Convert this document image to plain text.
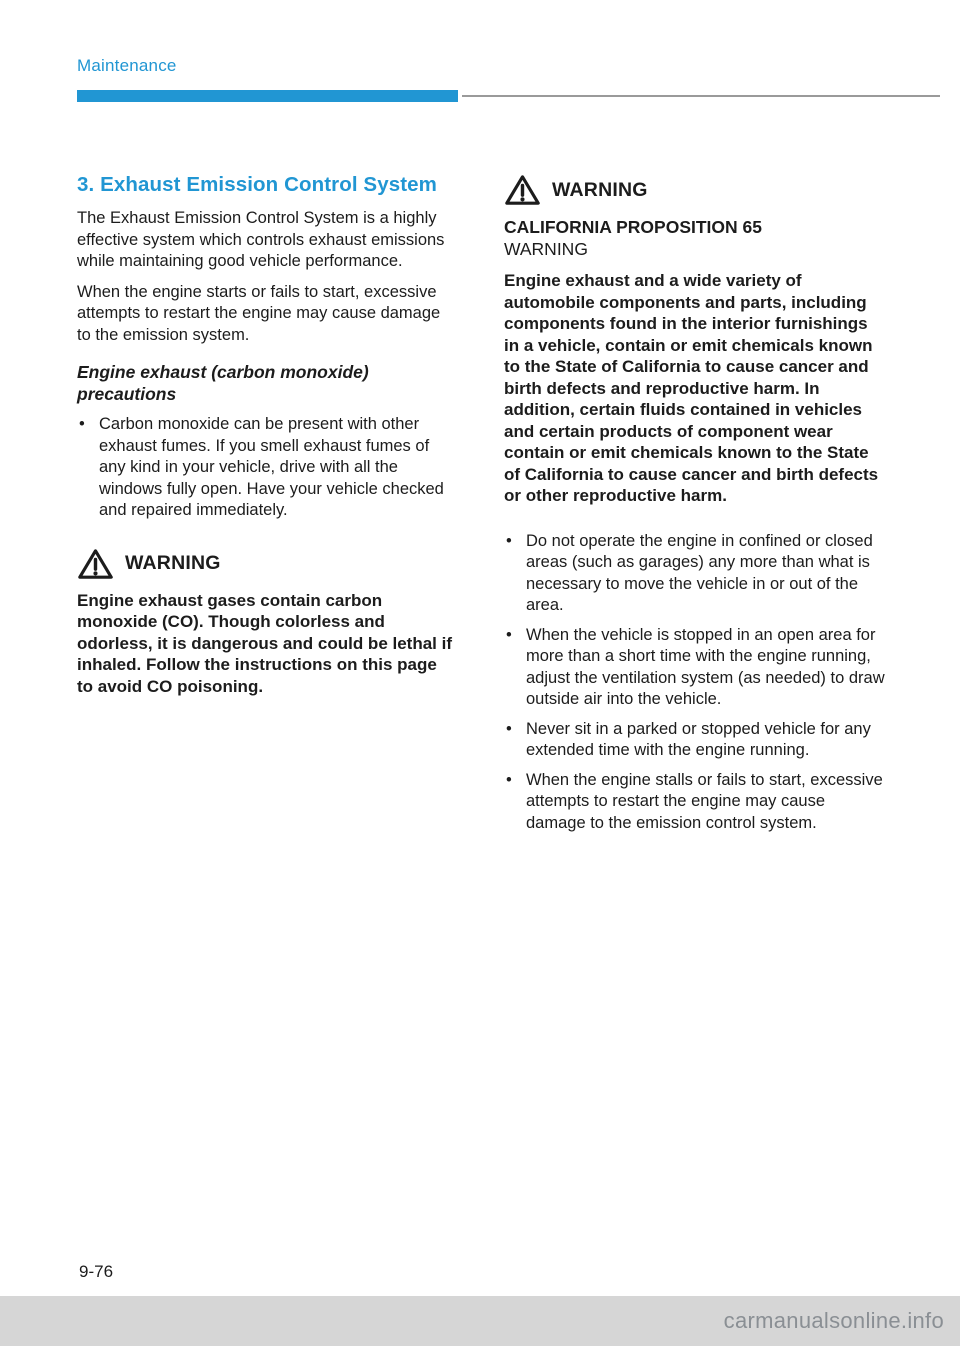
Maintenance
3. Exhaust Emission Control System

The Exhaust Emission Control System is a highly effective system which controls exhaust emissions while maintaining good vehicle performance.

When the engine starts or fails to start, excessive attempts to restart the engine may cause damage to the emission system.

Engine exhaust (carbon monoxide) precautions
• Carbon monoxide can be present with other exhaust fumes. If you smell exhaust fumes of any kind in your vehicle, drive with all the windows fully open. Have your vehicle checked and repaired immediately.
WARNING

Engine exhaust gases contain carbon monoxide (CO). Though colorless and odorless, it is dangerous and could be lethal if inhaled. Follow the instructions on this page to avoid CO poisoning.

WARNING
CALIFORNIA PROPOSITION 65
WARNING

Engine exhaust and a wide variety of automobile components and parts, including components found in the interior furnishings in a vehicle, contain or emit chemicals known to the State of California to cause cancer and birth defects and reproductive harm. In addition, certain fluids contained in vehicles and certain products of component wear contain or emit chemicals known to the State of California to cause cancer and birth defects or other reproductive harm.

• Do not operate the engine in confined or closed areas (such as garages) any more than what is necessary to move the vehicle in or out of the area.
• When the vehicle is stopped in an open area for more than a short time with the engine running, adjust the ventilation system (as needed) to draw outside air into the vehicle.
• Never sit in a parked or stopped vehicle for any extended time with the engine running.
• When the engine stalls or fails to start, excessive attempts to restart the engine may cause damage to the emission control system.
9-76
carmanualsonline.info
